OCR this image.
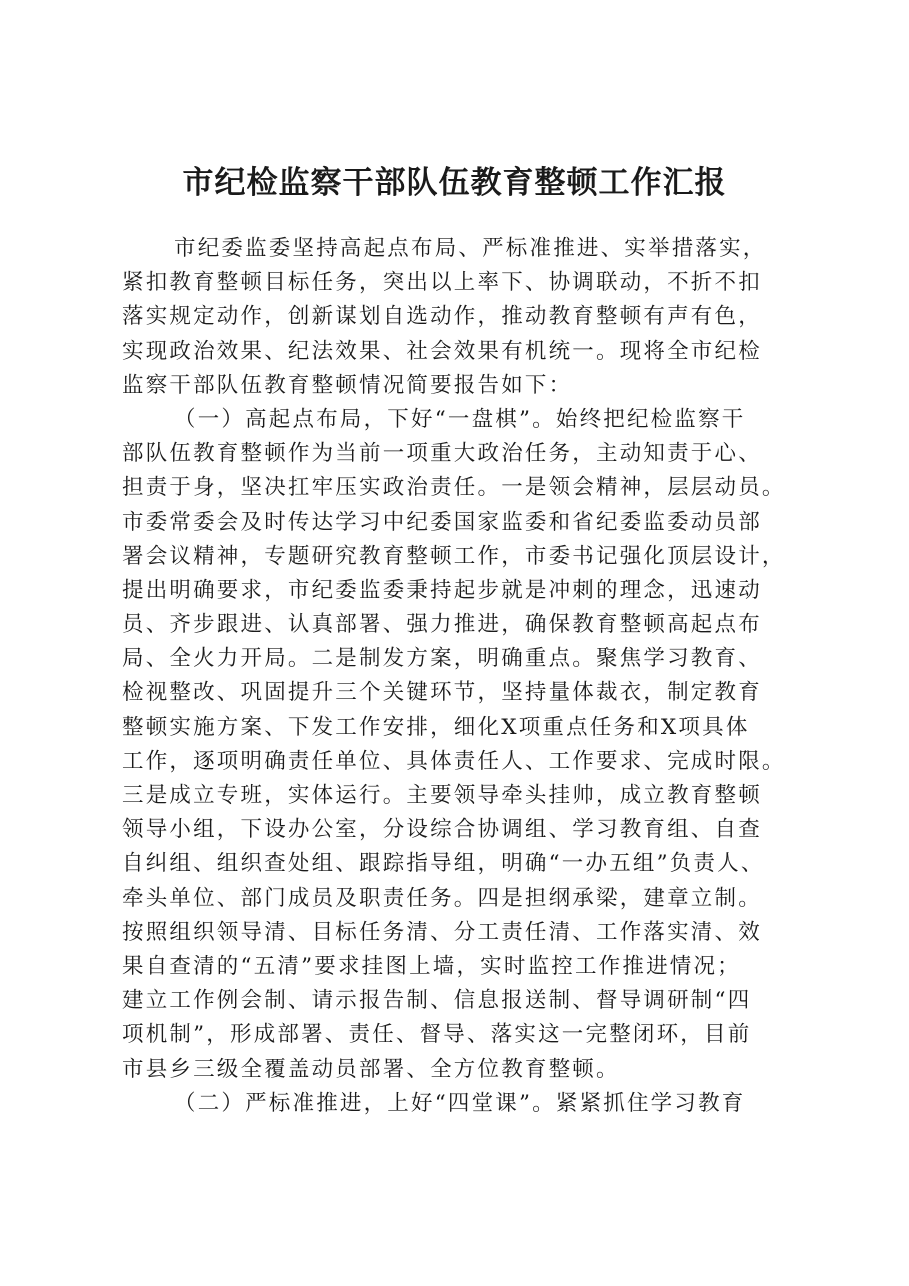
市纪检监察干部队伍教育整顿工作汇报
市纪委监委坚持高起点布局、严标准推进、实举措落实，
紧扣教育整顿目标任务，突出以上率下、协调联动，不折不扣
落实规定动作，创新谋划自选动作，推动教育整顿有声有色，
实现政治效果、纪法效果、社会效果有机统一。现将全市纪检
监察干部队伍教育整顿情况简要报告如下：
（一）高起点布局，下好“一盘棋”。始终把纪检监察干
部队伍教育整顿作为当前一项重大政治任务，主动知责于心、
担责于身，坚决扛牢压实政治责任。一是领会精神，层层动员。
市委常委会及时传达学习中纪委国家监委和省纪委监委动员部
署会议精神，专题研究教育整顿工作，市委书记强化顶层设计，
提出明确要求，市纪委监委秉持起步就是冲刺的理念，迅速动
员、齐步跟进、认真部署、强力推进，确保教育整顿高起点布
局、全火力开局。二是制发方案，明确重点。聚焦学习教育、
检视整改、巩固提升三个关键环节，坚持量体裁衣，制定教育
整顿实施方案、下发工作安排，细化X项重点任务和X项具体
工作，逐项明确责任单位、具体责任人、工作要求、完成时限。
三是成立专班，实体运行。主要领导牵头挂帅，成立教育整顿
领导小组，下设办公室，分设综合协调组、学习教育组、自查
自纠组、组织查处组、跟踪指导组，明确“一办五组”负责人、
牵头单位、部门成员及职责任务。四是担纲承梁，建章立制。
按照组织领导清、目标任务清、分工责任清、工作落实清、效
果自查清的“五清”要求挂图上墙，实时监控工作推进情况；
建立工作例会制、请示报告制、信息报送制、督导调研制“四
项机制”，形成部署、责任、督导、落实这一完整闭环，目前
市县乡三级全覆盖动员部署、全方位教育整顿。
（二）严标准推进，上好“四堂课”。紧紧抓住学习教育
